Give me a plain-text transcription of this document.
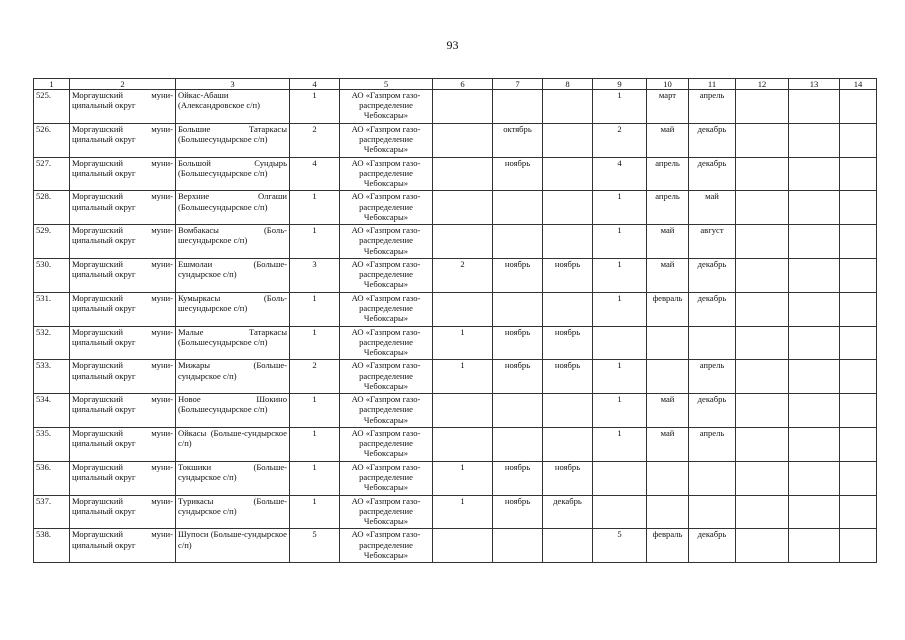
93
1	2	3	4	5	6	7	8	9	10	11	12	13	14
525.	Моргаушский муни-ципальный округ	Ойкас-Абаши (Александровское с/п)	1	АО «Газпром газо-распределение Чебоксары»				1	март	апрель			
526.	Моргаушский муни-ципальный округ	Большие Татаркасы (Большесундырское с/п)	2	АО «Газпром газо-распределение Чебоксары»		октябрь		2	май	декабрь			
527.	Моргаушский муни-ципальный округ	Большой Сундырь (Большесундырское с/п)	4	АО «Газпром газо-распределение Чебоксары»		ноябрь		4	апрель	декабрь			
528.	Моргаушский муни-ципальный округ	Верхние Олгаши (Большесундырское с/п)	1	АО «Газпром газо-распределение Чебоксары»				1	апрель	май			
529.	Моргаушский муни-ципальный округ	Вомбакасы (Боль-шесундырское с/п)	1	АО «Газпром газо-распределение Чебоксары»				1	май	август			
530.	Моргаушский муни-ципальный округ	Ешмолаи (Больше-сундырское с/п)	3	АО «Газпром газо-распределение Чебоксары»	2	ноябрь	ноябрь	1	май	декабрь			
531.	Моргаушский муни-ципальный округ	Кумыркасы (Боль-шесундырское с/п)	1	АО «Газпром газо-распределение Чебоксары»				1	февраль	декабрь			
532.	Моргаушский муни-ципальный округ	Малые Татаркасы (Большесундырское с/п)	1	АО «Газпром газо-распределение Чебоксары»	1	ноябрь	ноябрь						
533.	Моргаушский муни-ципальный округ	Мижары (Больше-сундырское с/п)	2	АО «Газпром газо-распределение Чебоксары»	1	ноябрь	ноябрь	1		апрель			
534.	Моргаушский муни-ципальный округ	Новое Шокино (Большесундырское с/п)	1	АО «Газпром газо-распределение Чебоксары»				1	май	декабрь			
535.	Моргаушский муни-ципальный округ	Ойкасы (Больше-сундырское с/п)	1	АО «Газпром газо-распределение Чебоксары»				1	май	апрель			
536.	Моргаушский муни-ципальный округ	Токшики (Больше-сундырское с/п)	1	АО «Газпром газо-распределение Чебоксары»	1	ноябрь	ноябрь						
537.	Моргаушский муни-ципальный округ	Турикасы (Больше-сундырское с/п)	1	АО «Газпром газо-распределение Чебоксары»	1	ноябрь	декабрь						
538.	Моргаушский муни-ципальный округ	Шупоси (Больше-сундырское с/п)	5	АО «Газпром газо-распределение Чебоксары»				5	февраль	декабрь			
